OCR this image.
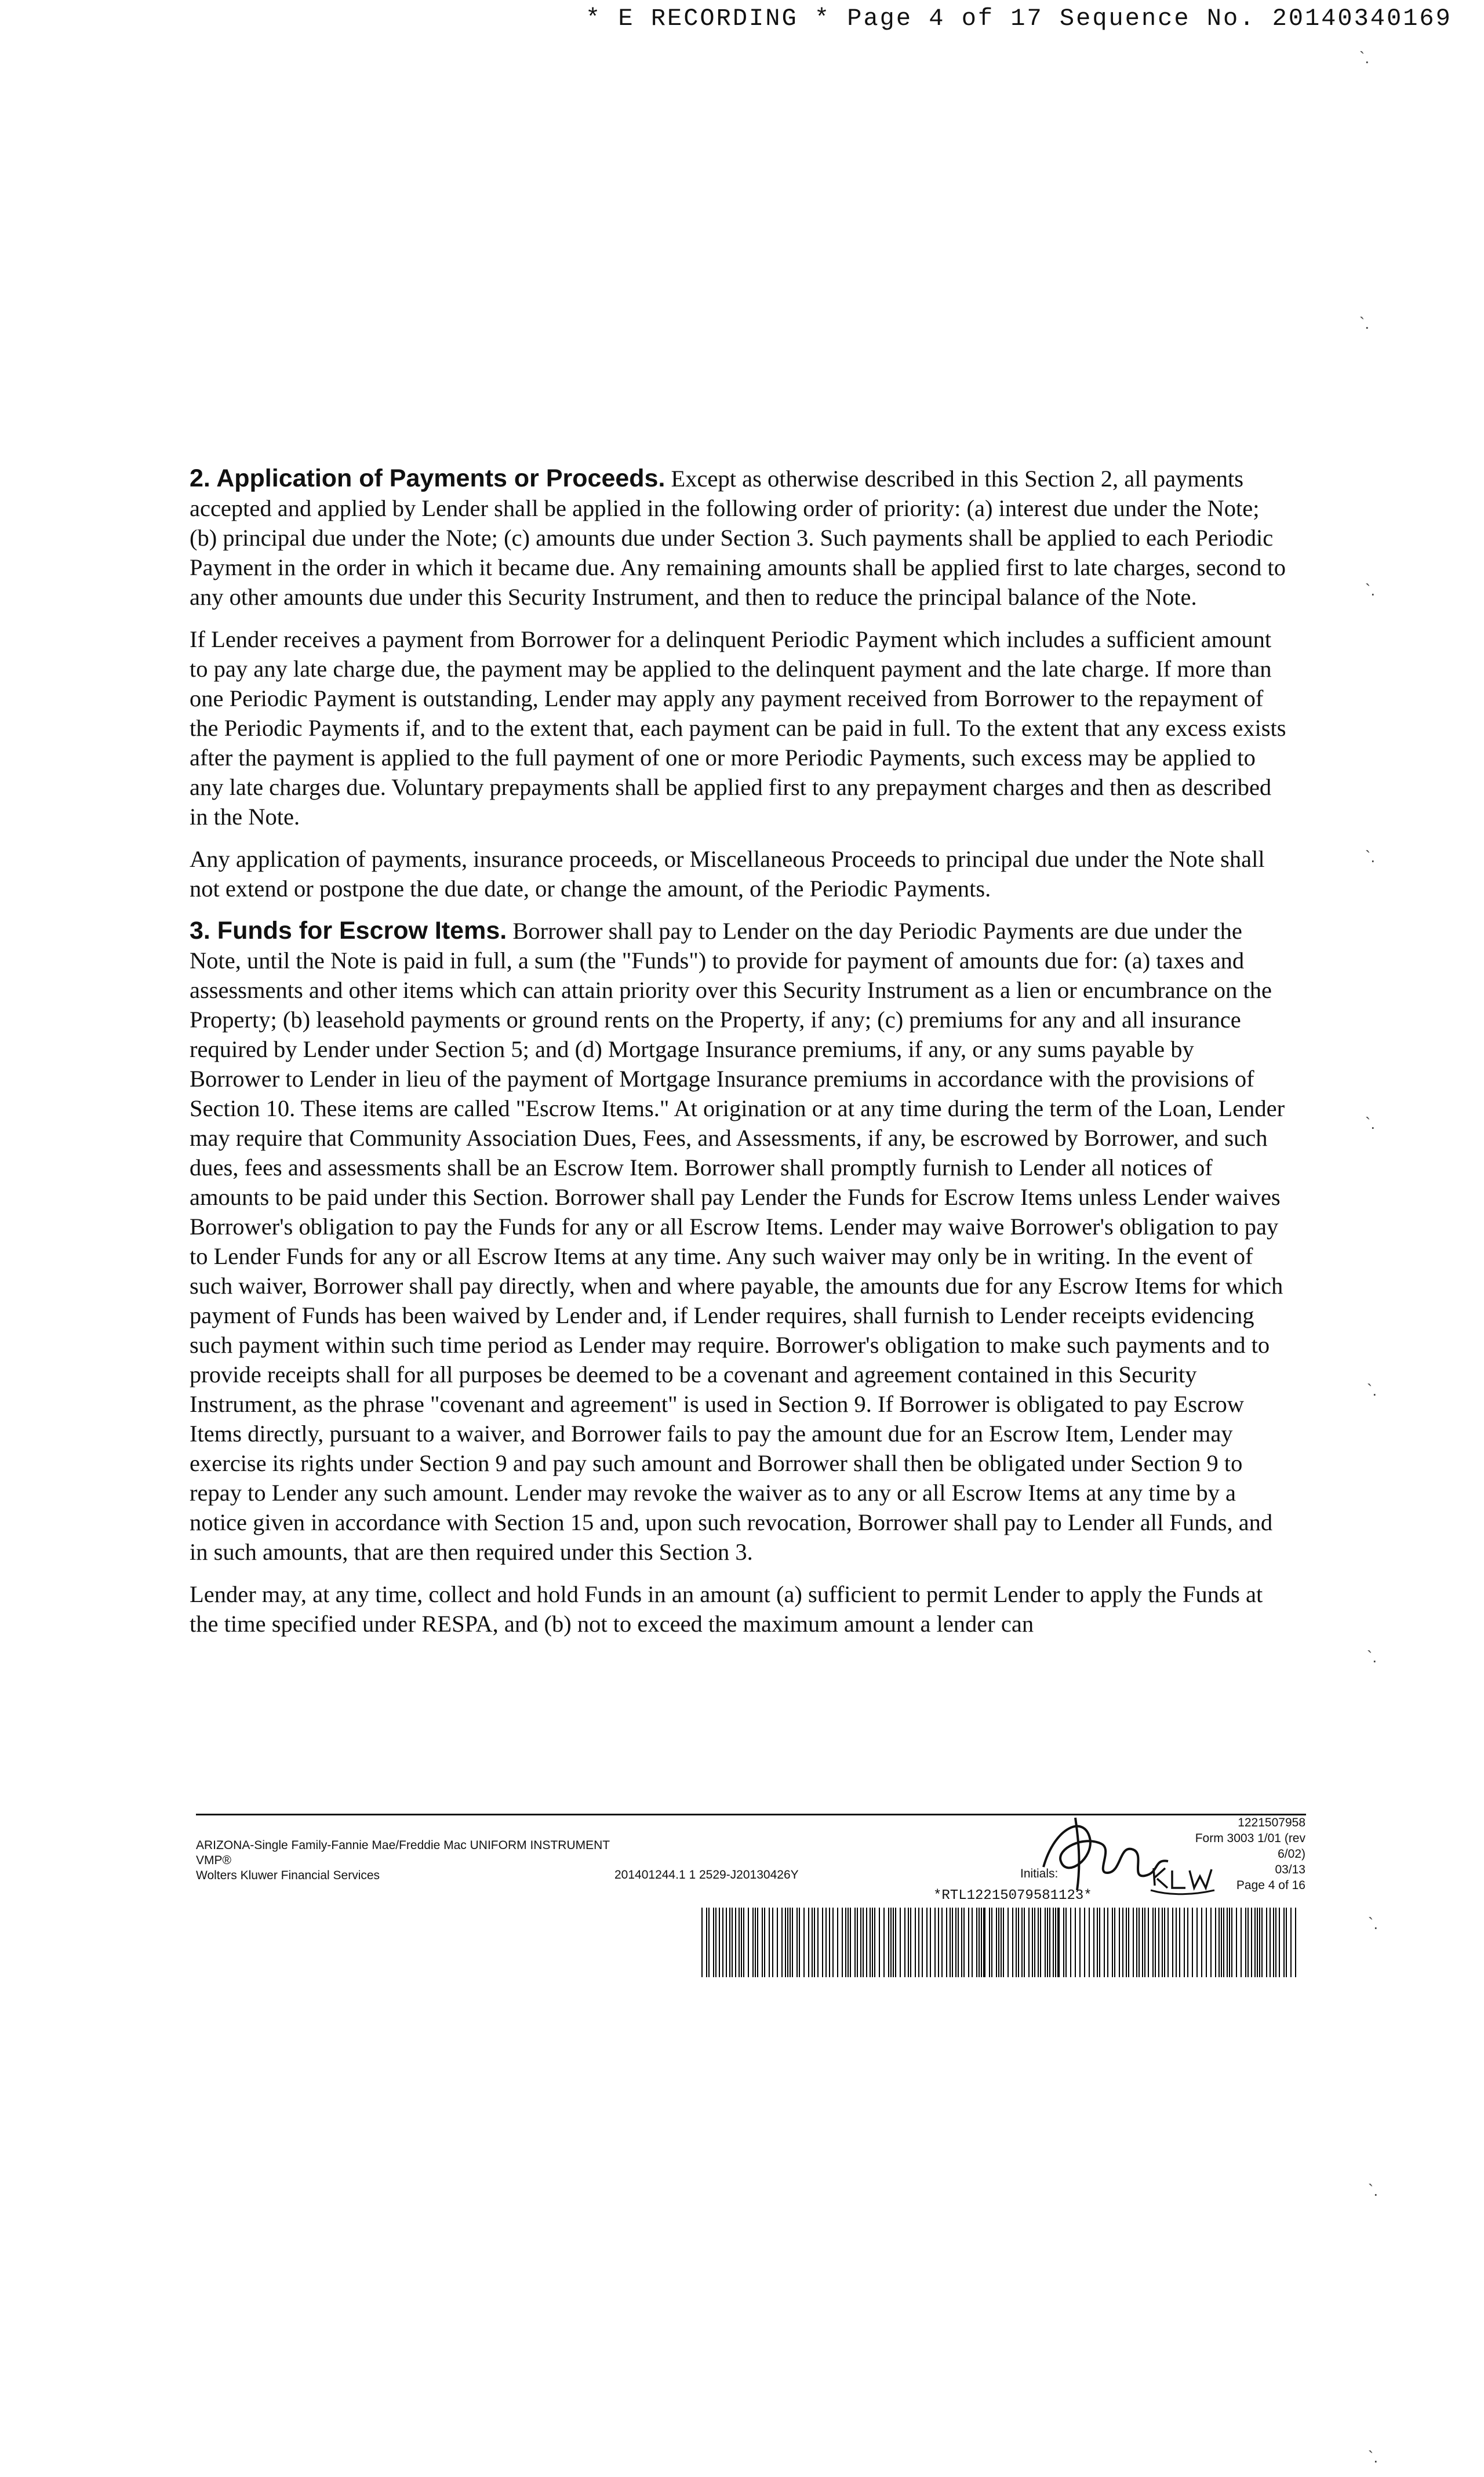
* E RECORDING * Page 4 of 17 Sequence No. 20140340169

2. Application of Payments or Proceeds. Except as otherwise described in this Section 2, all payments accepted and applied by Lender shall be applied in the following order of priority: (a) interest due under the Note; (b) principal due under the Note; (c) amounts due under Section 3. Such payments shall be applied to each Periodic Payment in the order in which it became due. Any remaining amounts shall be applied first to late charges, second to any other amounts due under this Security Instrument, and then to reduce the principal balance of the Note.

If Lender receives a payment from Borrower for a delinquent Periodic Payment which includes a sufficient amount to pay any late charge due, the payment may be applied to the delinquent payment and the late charge. If more than one Periodic Payment is outstanding, Lender may apply any payment received from Borrower to the repayment of the Periodic Payments if, and to the extent that, each payment can be paid in full. To the extent that any excess exists after the payment is applied to the full payment of one or more Periodic Payments, such excess may be applied to any late charges due. Voluntary prepayments shall be applied first to any prepayment charges and then as described in the Note.

Any application of payments, insurance proceeds, or Miscellaneous Proceeds to principal due under the Note shall not extend or postpone the due date, or change the amount, of the Periodic Payments.

3. Funds for Escrow Items. Borrower shall pay to Lender on the day Periodic Payments are due under the Note, until the Note is paid in full, a sum (the "Funds") to provide for payment of amounts due for: (a) taxes and assessments and other items which can attain priority over this Security Instrument as a lien or encumbrance on the Property; (b) leasehold payments or ground rents on the Property, if any; (c) premiums for any and all insurance required by Lender under Section 5; and (d) Mortgage Insurance premiums, if any, or any sums payable by Borrower to Lender in lieu of the payment of Mortgage Insurance premiums in accordance with the provisions of Section 10. These items are called "Escrow Items." At origination or at any time during the term of the Loan, Lender may require that Community Association Dues, Fees, and Assessments, if any, be escrowed by Borrower, and such dues, fees and assessments shall be an Escrow Item. Borrower shall promptly furnish to Lender all notices of amounts to be paid under this Section. Borrower shall pay Lender the Funds for Escrow Items unless Lender waives Borrower's obligation to pay the Funds for any or all Escrow Items. Lender may waive Borrower's obligation to pay to Lender Funds for any or all Escrow Items at any time. Any such waiver may only be in writing. In the event of such waiver, Borrower shall pay directly, when and where payable, the amounts due for any Escrow Items for which payment of Funds has been waived by Lender and, if Lender requires, shall furnish to Lender receipts evidencing such payment within such time period as Lender may require. Borrower's obligation to make such payments and to provide receipts shall for all purposes be deemed to be a covenant and agreement contained in this Security Instrument, as the phrase "covenant and agreement" is used in Section 9. If Borrower is obligated to pay Escrow Items directly, pursuant to a waiver, and Borrower fails to pay the amount due for an Escrow Item, Lender may exercise its rights under Section 9 and pay such amount and Borrower shall then be obligated under Section 9 to repay to Lender any such amount. Lender may revoke the waiver as to any or all Escrow Items at any time by a notice given in accordance with Section 15 and, upon such revocation, Borrower shall pay to Lender all Funds, and in such amounts, that are then required under this Section 3.

Lender may, at any time, collect and hold Funds in an amount (a) sufficient to permit Lender to apply the Funds at the time specified under RESPA, and (b) not to exceed the maximum amount a lender can

ARIZONA-Single Family-Fannie Mae/Freddie Mac UNIFORM INSTRUMENT
VMP®
Wolters Kluwer Financial Services	201401244.1 1 2529-J20130426Y
1221507958
Form 3003 1/01 (rev 6/02)
03/13
Page 4 of 16
Initials:
*RTL12215079581123*
`.
`.
`.
`.
`.
`.
`.
`.
`.
`.
